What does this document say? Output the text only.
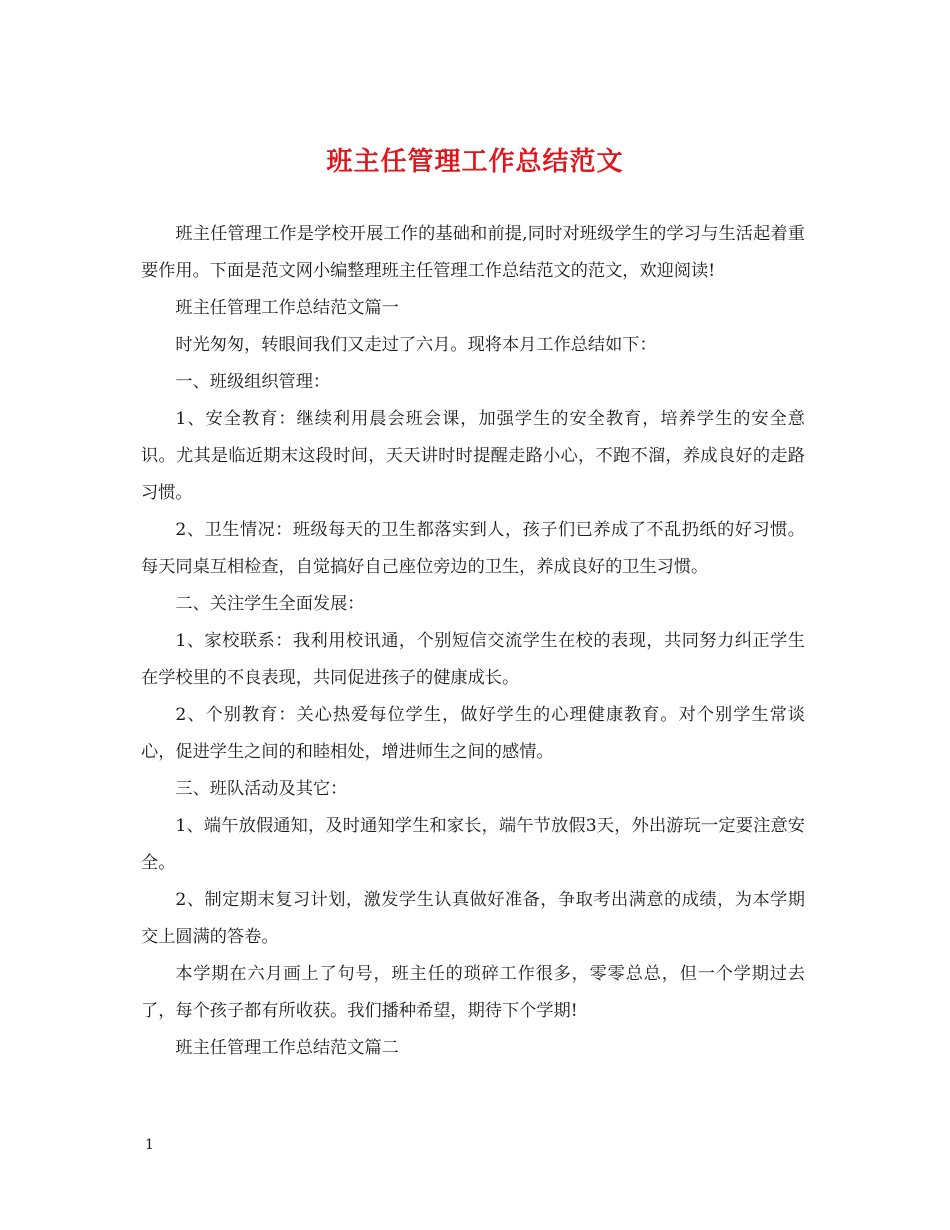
班主任管理工作总结范文

班主任管理工作是学校开展工作的基础和前提,同时对班级学生的学习与生活起着重要作用。下面是范文网小编整理班主任管理工作总结范文的范文，欢迎阅读!

班主任管理工作总结范文篇一

时光匆匆，转眼间我们又走过了六月。现将本月工作总结如下：

一、班级组织管理：

1、安全教育：继续利用晨会班会课，加强学生的安全教育，培养学生的安全意识。尤其是临近期末这段时间，天天讲时时提醒走路小心，不跑不溜，养成良好的走路习惯。

2、卫生情况：班级每天的卫生都落实到人，孩子们已养成了不乱扔纸的好习惯。每天同桌互相检查，自觉搞好自己座位旁边的卫生，养成良好的卫生习惯。

二、关注学生全面发展：

1、家校联系：我利用校讯通，个别短信交流学生在校的表现，共同努力纠正学生在学校里的不良表现，共同促进孩子的健康成长。

2、个别教育：关心热爱每位学生，做好学生的心理健康教育。对个别学生常谈心，促进学生之间的和睦相处，增进师生之间的感情。

三、班队活动及其它：

1、端午放假通知，及时通知学生和家长，端午节放假3天，外出游玩一定要注意安全。

2、制定期末复习计划，激发学生认真做好准备，争取考出满意的成绩，为本学期交上圆满的答卷。

本学期在六月画上了句号，班主任的琐碎工作很多，零零总总，但一个学期过去了，每个孩子都有所收获。我们播种希望，期待下个学期!

班主任管理工作总结范文篇二

1
